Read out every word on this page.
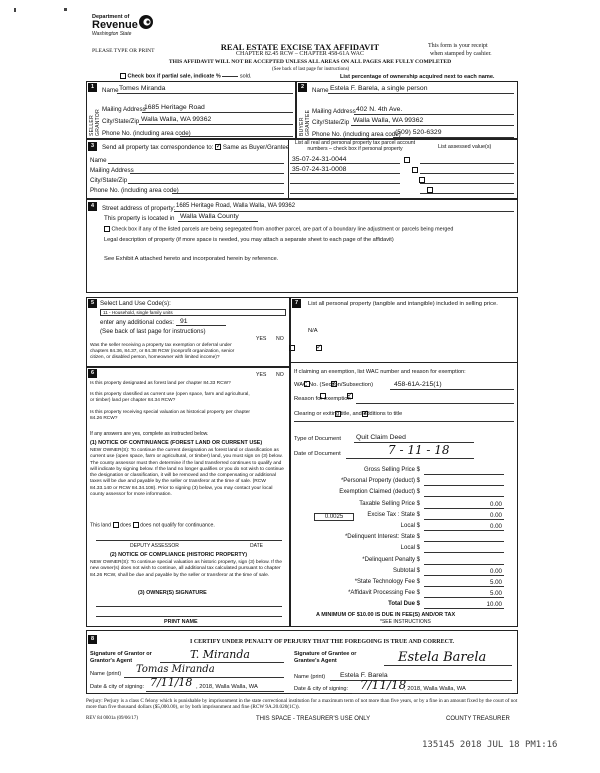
Department of
Revenue
Washington State
PLEASE TYPE OR PRINT	REAL ESTATE EXCISE TAX AFFIDAVIT
CHAPTER 82.45 RCW – CHAPTER 458-61A WAC
THIS AFFIDAVIT WILL NOT BE ACCEPTED UNLESS ALL AREAS ON ALL PAGES ARE FULLY COMPLETED
This form is your receipt
when stamped by cashier.
(See back of last page for instructions)
Check box if partial sale, indicate %	sold.	List percentage of ownership acquired next to each name.
1	2
SELLER GRANTOR	BUYER GRANTEE
Name Tomes Miranda
Mailing Address
1685 Heritage Road
City/State/Zip Walla Walla, WA 99362
Phone No. (including area code)
Name Estela F. Barela, a single person
Mailing Address 402 N. 4th Ave.
City/State/Zip Walla Walla, WA 99362
Phone No. (including area code)
(509) 520-6329
3	Send all property tax correspondence to: ✓ Same as Buyer/Grantee
List all real and personal property tax parcel account numbers – check box if personal property	List assessed value(s)
Name
Mailing Address
City/State/Zip
Phone No. (including area code)
35-07-24-31-0044

35-07-24-31-0008

4	Street address of property: 1685 Heritage Road, Walla Walla, WA 99362
This property is located in Walla Walla County
Check box if any of the listed parcels are being segregated from another parcel, are part of a boundary line adjustment or parcels being merged
Legal description of property (if more space is needed, you may attach a separate sheet to each page of the affidavit)
See Exhibit A attached hereto and incorporated herein by reference.
5 Select Land Use Code(s):
11 - Household, single family units
enter any additional codes: 91
(See back of last page for instructions)
YES NO
Was the seller receiving a property tax exemption or deferral under chapters 84.36, 84.37, or 84.38 RCW (nonprofit organization, senior citizen, or disabled person, homeowner with limited income)?
✓
6	YES NO
Is this property designated as forest land per chapter 84.33 RCW?
✓
Is this property classified as current use (open space, farm and agricultural, or timber) land per chapter 84.34 RCW?
✓
Is this property receiving special valuation as historical property per chapter 84.26 RCW?
✓
If any answers are yes, complete as instructed below.
(1) NOTICE OF CONTINUANCE (FOREST LAND OR CURRENT USE)
NEW OWNER(S): To continue the current designation as forest land or classification as current use (open space, farm or agricultural, or timber) land, you must sign on (3) below. The county assessor must then determine if the land transferred continues to qualify and will indicate by signing below. If the land no longer qualifies or you do not wish to continue the designation or classification, it will be removed and the compensating or additional taxes will be due and payable by the seller or transferor at the time of sale. (RCW 84.33.140 or RCW 84.34.108). Prior to signing (3) below, you may contact your local county assessor for more information.
This land does does not qualify for continuance.
DEPUTY ASSESSOR	DATE
(2) NOTICE OF COMPLIANCE (HISTORIC PROPERTY)
NEW OWNER(S): To continue special valuation as historic property, sign (3) below. If the new owner(s) does not wish to continue, all additional tax calculated pursuant to chapter 84.26 RCW, shall be due and payable by the seller or transferor at the time of sale.
(3) OWNER(S) SIGNATURE
PRINT NAME
7	List all personal property (tangible and intangible) included in selling price.
N/A
If claiming an exemption, list WAC number and reason for exemption:
WAC No. (Section/Subsection)	458-61A-215(1)
Reason for exemption
Clearing or exiting title, and additions to title
Type of Document Quit Claim Deed
Date of Document	7 - 11 - 18
Gross Selling Price $
*Personal Property (deduct) $
Exemption Claimed (deduct) $
Taxable Selling Price $	0.00
Excise Tax : State $	0.00
Local $	0.00
*Delinquent Interest: State $
Local $
*Delinquent Penalty $
Subtotal $	0.00
*State Technology Fee $	5.00
*Affidavit Processing Fee $	5.00
Total Due $	10.00
0.0025
A MINIMUM OF $10.00 IS DUE IN FEE(S) AND/OR TAX
*SEE INSTRUCTIONS
8	I CERTIFY UNDER PENALTY OF PERJURY THAT THE FOREGOING IS TRUE AND CORRECT.
Signature of Grantor or Grantor's Agent	T. Miranda	Signature of Grantee or Grantee's Agent	Estela Barela
Name (print) Tomas Miranda
Name (print) Estela F. Barela
Date & city of signing: 7/11/18 , 2018, Walla Walla, WA	Date & city of signing: 7/11/18
, 2018, Walla Walla, WA
Perjury: Perjury is a class C felony which is punishable by imprisonment in the state correctional institution for a maximum term of not more than five years, or by a fine in an amount fixed by the court of not more than five thousand dollars ($5,000.00), or by both imprisonment and fine (RCW 9A.20.020(1C)).
REV 84 0001a (09/06/17)	THIS SPACE - TREASURER'S USE ONLY	COUNTY TREASURER
135145 2018 JUL 18 PM1:16
